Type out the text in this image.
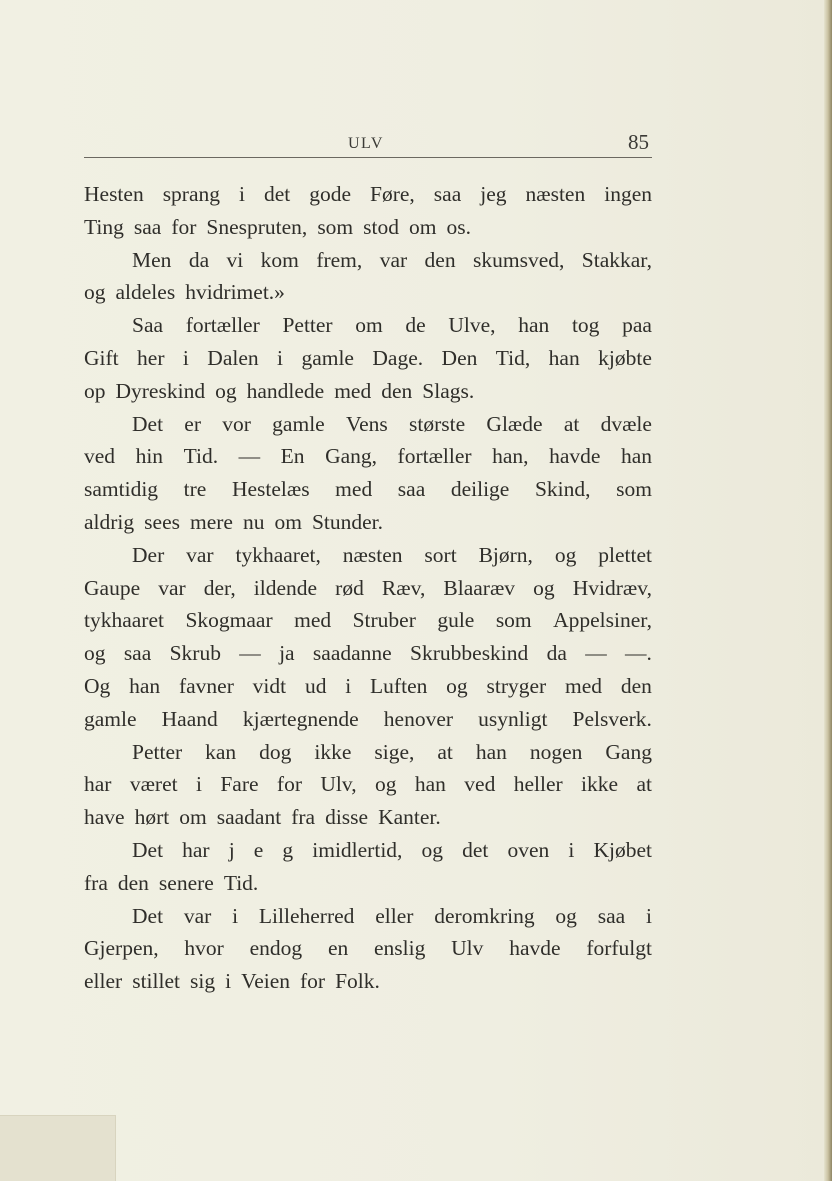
ULV	85
Hesten sprang i det gode Føre, saa jeg næsten ingen
Ting saa for Snespruten, som stod om os.
Men da vi kom frem, var den skumsved, Stakkar,
og aldeles hvidrimet.»
Saa fortæller Petter om de Ulve, han tog paa
Gift her i Dalen i gamle Dage. Den Tid, han kjøbte
op Dyreskind og handlede med den Slags.
Det er vor gamle Vens største Glæde at dvæle
ved hin Tid. — En Gang, fortæller han, havde han
samtidig tre Hestelæs med saa deilige Skind, som
aldrig sees mere nu om Stunder.
Der var tykhaaret, næsten sort Bjørn, og plettet
Gaupe var der, ildende rød Ræv, Blaaræv og Hvidræv,
tykhaaret Skogmaar med Struber gule som Appelsiner,
og saa Skrub — ja saadanne Skrubbeskind da — —.
Og han favner vidt ud i Luften og stryger med den
gamle Haand kjærtegnende henover usynligt Pelsverk.
Petter kan dog ikke sige, at han nogen Gang
har været i Fare for Ulv, og han ved heller ikke at
have hørt om saadant fra disse Kanter.
Det har j e g imidlertid, og det oven i Kjøbet
fra den senere Tid.
Det var i Lilleherred eller deromkring og saa i
Gjerpen, hvor endog en enslig Ulv havde forfulgt
eller stillet sig i Veien for Folk.
